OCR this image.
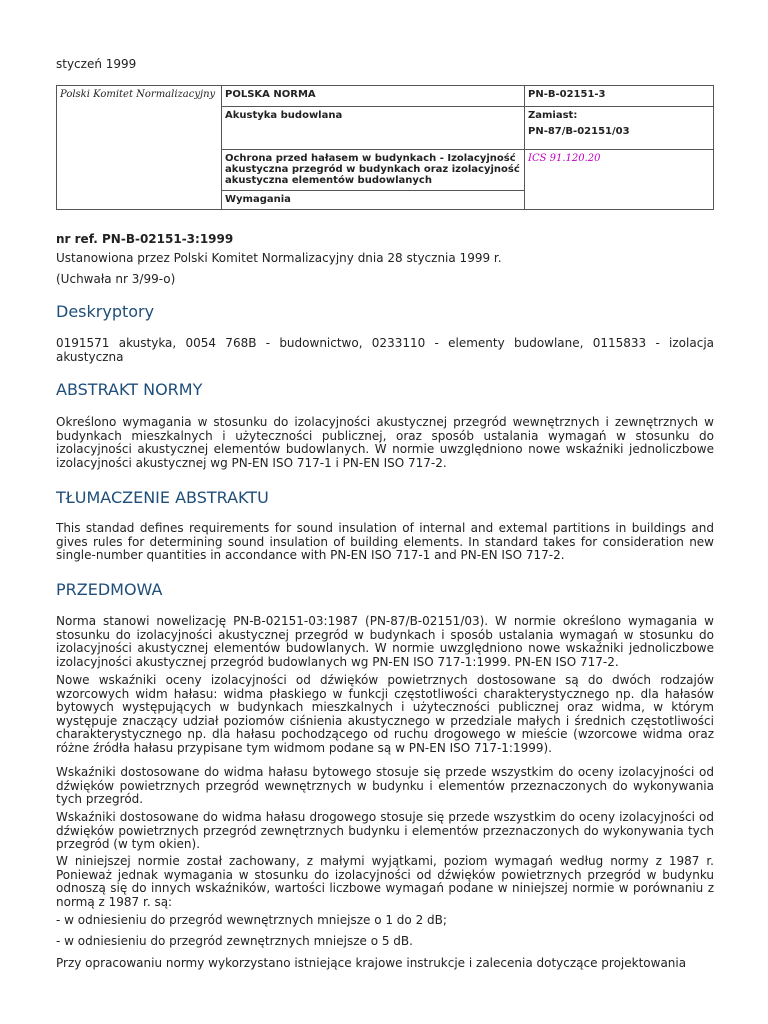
styczeń 1999
Polski Komitet Normalizacyjny	POLSKA NORMA	PN-B-02151-3
	Akustyka budowlana	Zamiast:
PN-87/B-02151/03

	Ochrona przed hałasem w budynkach - Izolacyjność akustyczna przegród w budynkach oraz izolacyjność akustyczna elementów budowlanych	ICS 91.120.20
	Wymagania	
nr ref. PN-B-02151-3:1999
Ustanowiona przez Polski Komitet Normalizacyjny dnia 28 stycznia 1999 r.
(Uchwała nr 3/99-o)
Deskryptory

0191571 akustyka, 0054 768B - budownictwo, 0233110 - elementy budowlane, 0115833 - izolacja akustyczna

ABSTRAKT NORMY

Określono wymagania w stosunku do izolacyjności akustycznej przegród wewnętrznych i zewnętrznych w budynkach mieszkalnych i użyteczności publicznej, oraz sposób ustalania wymagań w stosunku do izolacyjności akustycznej elementów budowlanych. W normie uwzględniono nowe wskaźniki jednoliczbowe izolacyjności akustycznej wg PN-EN ISO 717-1 i PN-EN ISO 717-2.

TŁUMACZENIE ABSTRAKTU

This standad defines requirements for sound insulation of internal and extemal partitions in buildings and gives rules for determining sound insulation of building elements. In standard takes for consideration new single-number quantities in accondance with PN-EN ISO 717-1 and PN-EN ISO 717-2.

PRZEDMOWA

Norma stanowi nowelizację PN-B-02151-03:1987 (PN-87/B-02151/03). W normie określono wymagania w stosunku do izolacyjności akustycznej przegród w budynkach i sposób ustalania wymagań w stosunku do izolacyjności akustycznej elementów budowlanych. W normie uwzględniono nowe wskaźniki jednoliczbowe izolacyjności akustycznej przegród budowlanych wg PN-EN ISO 717-1:1999. PN-EN ISO 717-2.

Nowe wskaźniki oceny izolacyjności od dźwięków powietrznych dostosowane są do dwóch rodzajów wzorcowych widm hałasu: widma płaskiego w funkcji częstotliwości charakterystycznego np. dla hałasów bytowych występujących w budynkach mieszkalnych i użyteczności publicznej oraz widma, w którym występuje znaczący udział poziomów ciśnienia akustycznego w przedziale małych i średnich częstotliwości charakterystycznego np. dla hałasu pochodzącego od ruchu drogowego w mieście (wzorcowe widma oraz różne źródła hałasu przypisane tym widmom podane są w PN-EN ISO 717-1:1999).

Wskaźniki dostosowane do widma hałasu bytowego stosuje się przede wszystkim do oceny izolacyjności od dźwięków powietrznych przegród wewnętrznych w budynku i elementów przeznaczonych do wykonywania tych przegród.

Wskaźniki dostosowane do widma hałasu drogowego stosuje się przede wszystkim do oceny izolacyjności od dźwięków powietrznych przegród zewnętrznych budynku i elementów przeznaczonych do wykonywania tych przegród (w tym okien).

W niniejszej normie został zachowany, z małymi wyjątkami, poziom wymagań według normy z 1987 r. Ponieważ jednak wymagania w stosunku do izolacyjności od dźwięków powietrznych przegród w budynku odnoszą się do innych wskaźników, wartości liczbowe wymagań podane w niniejszej normie w porównaniu z normą z 1987 r. są:

- w odniesieniu do przegród wewnętrznych mniejsze o 1 do 2 dB;

- w odniesieniu do przegród zewnętrznych mniejsze o 5 dB.

Przy opracowaniu normy wykorzystano istniejące krajowe instrukcje i zalecenia dotyczące projektowania
